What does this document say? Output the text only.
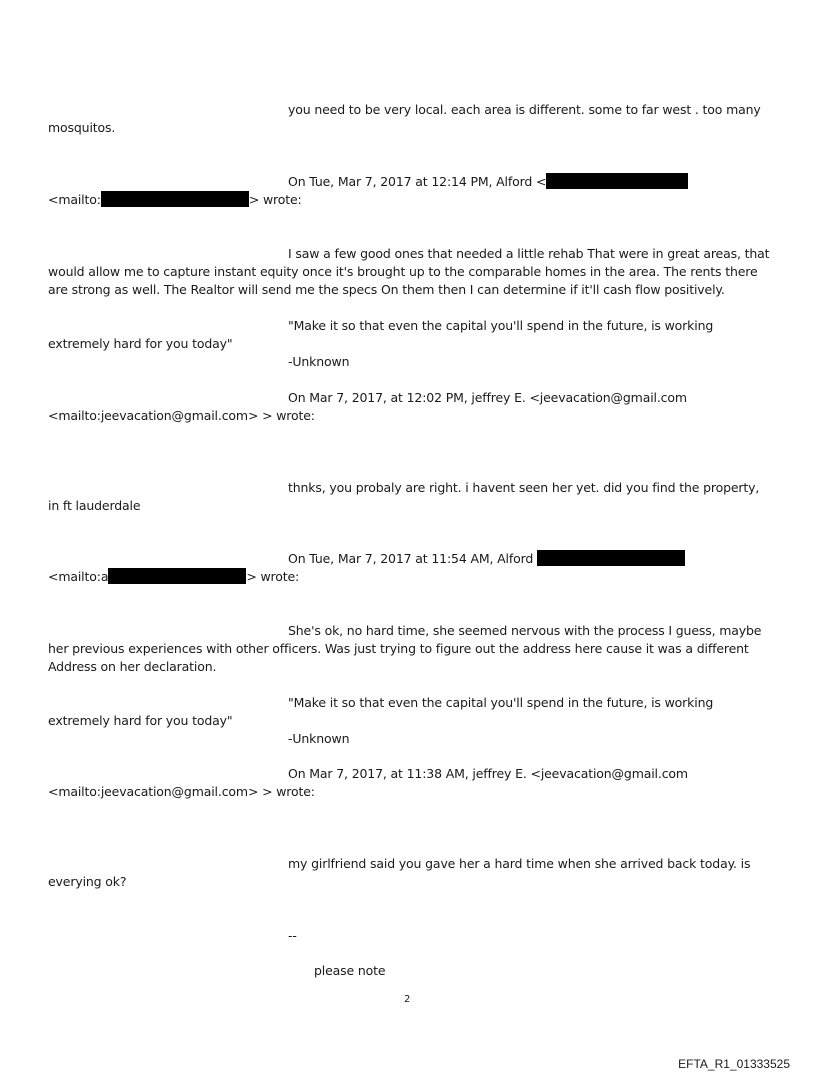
you need to be very local. each area is different. some to far west . too many mosquitos.
On Tue, Mar 7, 2017 at 12:14 PM, Alford <
<mailto:	> wrote:
I saw a few good ones that needed a little rehab That were in great areas, that would allow me to capture instant equity once it's brought up to the comparable homes in the area. The rents there are strong as well. The Realtor will send me the specs On them then I can determine if it'll cash flow positively.
"Make it so that even the capital you'll spend in the future, is working extremely hard for you today"
-Unknown
On Mar 7, 2017, at 12:02 PM, jeffrey E. <jeevacation@gmail.com <mailto:jeevacation@gmail.com> > wrote:
thnks, you probaly are right. i havent seen her yet. did you find the property, in ft lauderdale
On Tue, Mar 7, 2017 at 11:54 AM, Alford
<mailto:a	> wrote:
She's ok, no hard time, she seemed nervous with the process I guess, maybe her previous experiences with other officers. Was just trying to figure out the address here cause it was a different Address on her declaration.
"Make it so that even the capital you'll spend in the future, is working extremely hard for you today"
-Unknown
On Mar 7, 2017, at 11:38 AM, jeffrey E. <jeevacation@gmail.com <mailto:jeevacation@gmail.com> > wrote:
my girlfriend said you gave her a hard time when she arrived back today. is everying ok?
--
please note
2
EFTA_R1_01333525
